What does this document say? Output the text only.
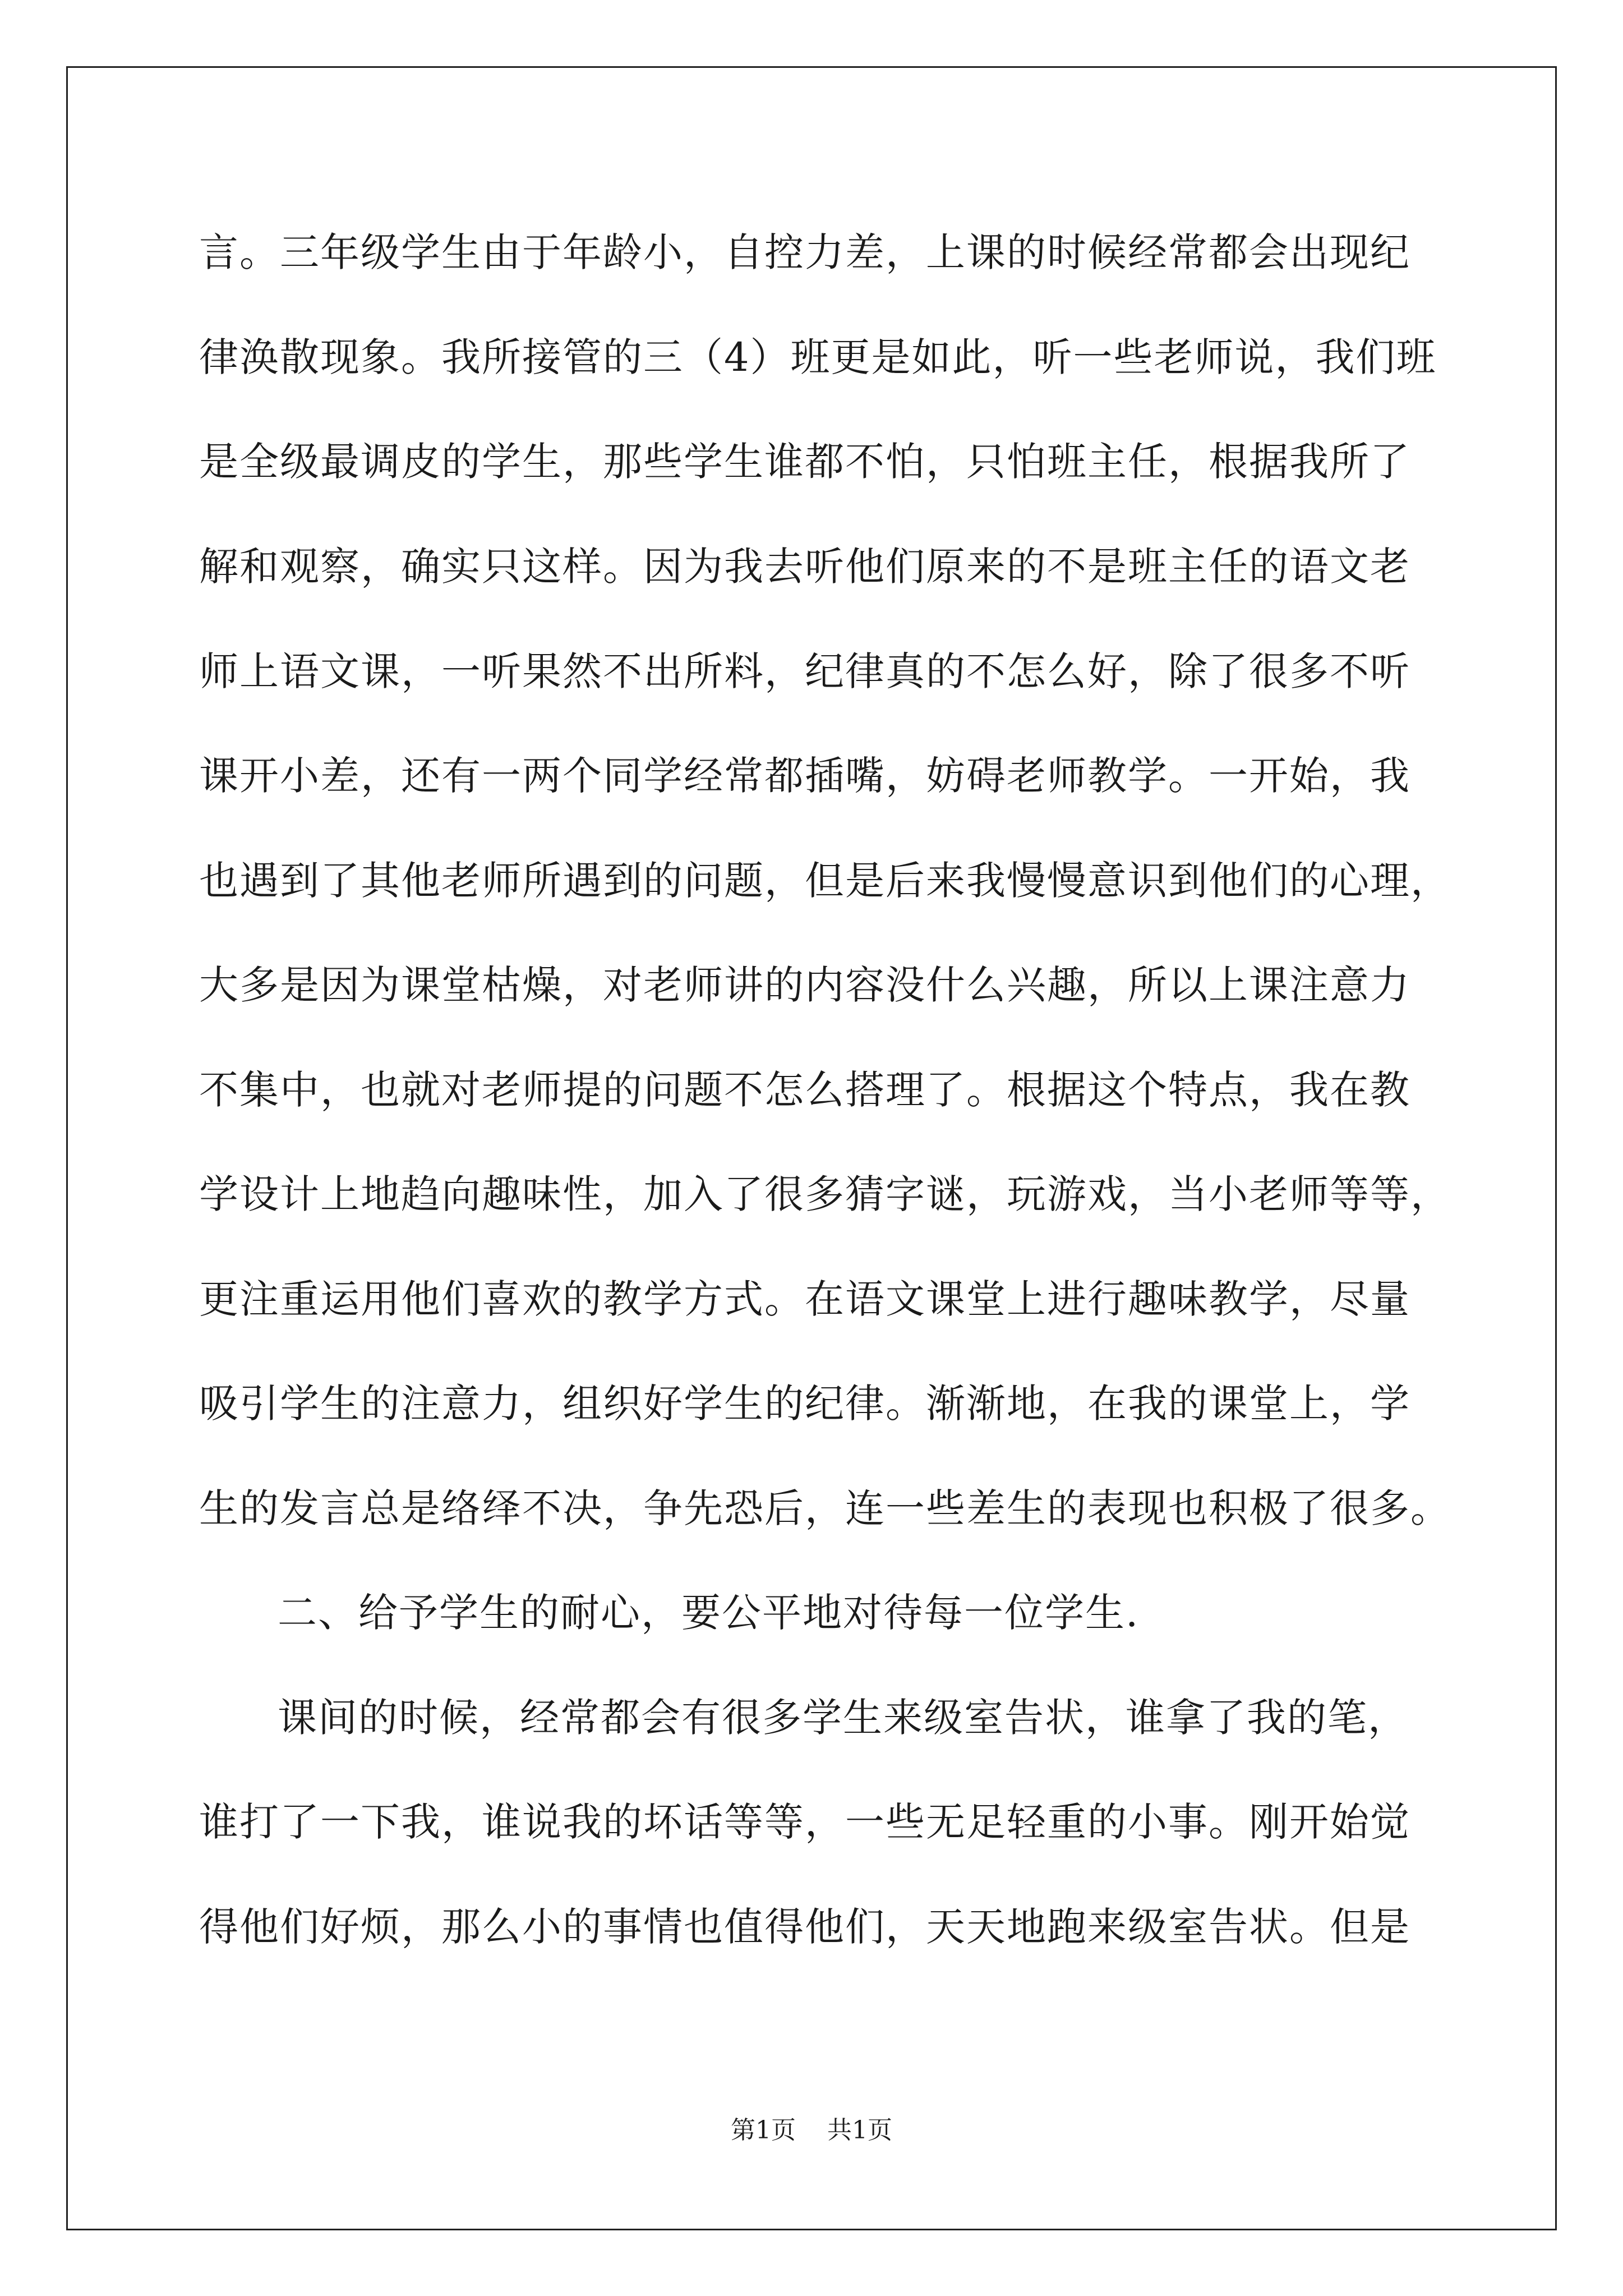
言。三年级学生由于年龄小，自控力差，上课的时候经常都会出现纪
律涣散现象。我所接管的三（4）班更是如此，听一些老师说，我们班
是全级最调皮的学生，那些学生谁都不怕，只怕班主任，根据我所了
解和观察，确实只这样。因为我去听他们原来的不是班主任的语文老
师上语文课，一听果然不出所料，纪律真的不怎么好，除了很多不听
课开小差，还有一两个同学经常都插嘴，妨碍老师教学。一开始，我
也遇到了其他老师所遇到的问题，但是后来我慢慢意识到他们的心理，
大多是因为课堂枯燥，对老师讲的内容没什么兴趣，所以上课注意力
不集中，也就对老师提的问题不怎么搭理了。根据这个特点，我在教
学设计上地趋向趣味性，加入了很多猜字谜，玩游戏，当小老师等等，
更注重运用他们喜欢的教学方式。在语文课堂上进行趣味教学，尽量
吸引学生的注意力，组织好学生的纪律。渐渐地，在我的课堂上，学
生的发言总是络绎不决，争先恐后，连一些差生的表现也积极了很多。
二、给予学生的耐心，要公平地对待每一位学生.
课间的时候，经常都会有很多学生来级室告状，谁拿了我的笔，
谁打了一下我，谁说我的坏话等等，一些无足轻重的小事。刚开始觉
得他们好烦，那么小的事情也值得他们，天天地跑来级室告状。但是
第1页 共1页
